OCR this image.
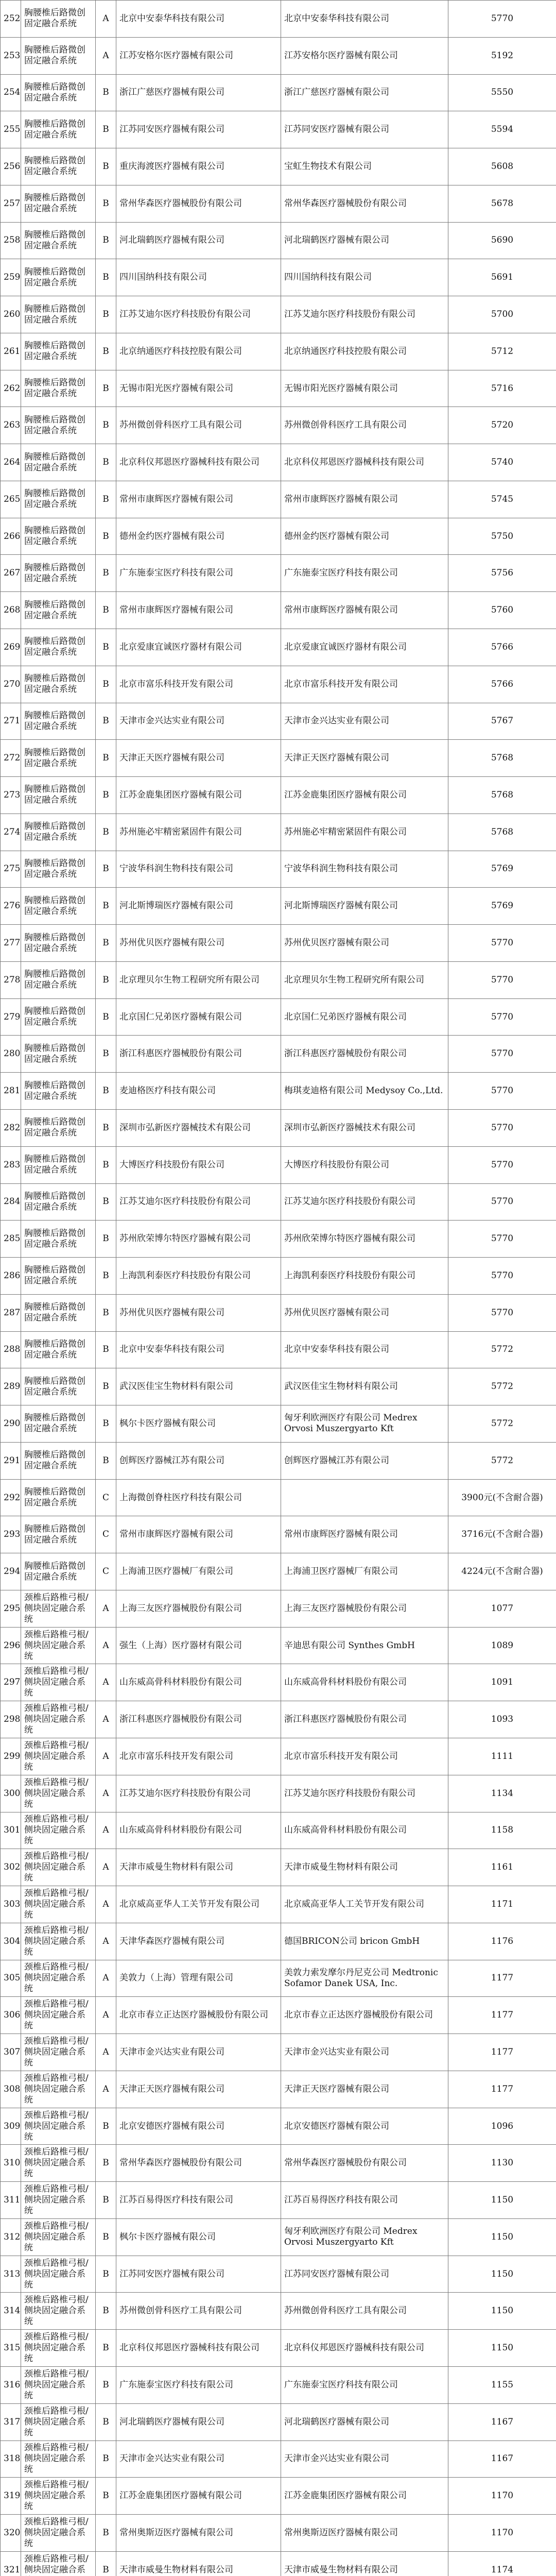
252	胸腰椎后路微创固定融合系统	A	北京中安泰华科技有限公司	北京中安泰华科技有限公司	5770
253	胸腰椎后路微创固定融合系统	A	江苏安格尔医疗器械有限公司	江苏安格尔医疗器械有限公司	5192
254	胸腰椎后路微创固定融合系统	B	浙江广慈医疗器械有限公司	浙江广慈医疗器械有限公司	5550
255	胸腰椎后路微创固定融合系统	B	江苏同安医疗器械有限公司	江苏同安医疗器械有限公司	5594
256	胸腰椎后路微创固定融合系统	B	重庆海渡医疗器械有限公司	宝虹生物技术有限公司	5608
257	胸腰椎后路微创固定融合系统	B	常州华森医疗器械股份有限公司	常州华森医疗器械股份有限公司	5678
258	胸腰椎后路微创固定融合系统	B	河北瑞鹤医疗器械有限公司	河北瑞鹤医疗器械有限公司	5690
259	胸腰椎后路微创固定融合系统	B	四川国纳科技有限公司	四川国纳科技有限公司	5691
260	胸腰椎后路微创固定融合系统	B	江苏艾迪尔医疗科技股份有限公司	江苏艾迪尔医疗科技股份有限公司	5700
261	胸腰椎后路微创固定融合系统	B	北京纳通医疗科技控股有限公司	北京纳通医疗科技控股有限公司	5712
262	胸腰椎后路微创固定融合系统	B	无锡市阳光医疗器械有限公司	无锡市阳光医疗器械有限公司	5716
263	胸腰椎后路微创固定融合系统	B	苏州微创骨科医疗工具有限公司	苏州微创骨科医疗工具有限公司	5720
264	胸腰椎后路微创固定融合系统	B	北京科仪邦恩医疗器械科技有限公司	北京科仪邦恩医疗器械科技有限公司	5740
265	胸腰椎后路微创固定融合系统	B	常州市康辉医疗器械有限公司	常州市康辉医疗器械有限公司	5745
266	胸腰椎后路微创固定融合系统	B	德州金约医疗器械有限公司	德州金约医疗器械有限公司	5750
267	胸腰椎后路微创固定融合系统	B	广东施泰宝医疗科技有限公司	广东施泰宝医疗科技有限公司	5756
268	胸腰椎后路微创固定融合系统	B	常州市康辉医疗器械有限公司	常州市康辉医疗器械有限公司	5760
269	胸腰椎后路微创固定融合系统	B	北京爱康宜诚医疗器材有限公司	北京爱康宜诚医疗器材有限公司	5766
270	胸腰椎后路微创固定融合系统	B	北京市富乐科技开发有限公司	北京市富乐科技开发有限公司	5766
271	胸腰椎后路微创固定融合系统	B	天津市金兴达实业有限公司	天津市金兴达实业有限公司	5767
272	胸腰椎后路微创固定融合系统	B	天津正天医疗器械有限公司	天津正天医疗器械有限公司	5768
273	胸腰椎后路微创固定融合系统	B	江苏金鹿集团医疗器械有限公司	江苏金鹿集团医疗器械有限公司	5768
274	胸腰椎后路微创固定融合系统	B	苏州施必牢精密紧固件有限公司	苏州施必牢精密紧固件有限公司	5768
275	胸腰椎后路微创固定融合系统	B	宁波华科润生物科技有限公司	宁波华科润生物科技有限公司	5769
276	胸腰椎后路微创固定融合系统	B	河北斯博瑞医疗器械有限公司	河北斯博瑞医疗器械有限公司	5769
277	胸腰椎后路微创固定融合系统	B	苏州优贝医疗器械有限公司	苏州优贝医疗器械有限公司	5770
278	胸腰椎后路微创固定融合系统	B	北京理贝尔生物工程研究所有限公司	北京理贝尔生物工程研究所有限公司	5770
279	胸腰椎后路微创固定融合系统	B	北京国仁兄弟医疗器械有限公司	北京国仁兄弟医疗器械有限公司	5770
280	胸腰椎后路微创固定融合系统	B	浙江科惠医疗器械股份有限公司	浙江科惠医疗器械股份有限公司	5770
281	胸腰椎后路微创固定融合系统	B	麦迪格医疗科技有限公司	梅琪麦迪格有限公司 Medysoy Co.,Ltd.	5770
282	胸腰椎后路微创固定融合系统	B	深圳市弘新医疗器械技术有限公司	深圳市弘新医疗器械技术有限公司	5770
283	胸腰椎后路微创固定融合系统	B	大博医疗科技股份有限公司	大博医疗科技股份有限公司	5770
284	胸腰椎后路微创固定融合系统	B	江苏艾迪尔医疗科技股份有限公司	江苏艾迪尔医疗科技股份有限公司	5770
285	胸腰椎后路微创固定融合系统	B	苏州欣荣博尔特医疗器械有限公司	苏州欣荣博尔特医疗器械有限公司	5770
286	胸腰椎后路微创固定融合系统	B	上海凯利泰医疗科技股份有限公司	上海凯利泰医疗科技股份有限公司	5770
287	胸腰椎后路微创固定融合系统	B	苏州优贝医疗器械有限公司	苏州优贝医疗器械有限公司	5770
288	胸腰椎后路微创固定融合系统	B	北京中安泰华科技有限公司	北京中安泰华科技有限公司	5772
289	胸腰椎后路微创固定融合系统	B	武汉医佳宝生物材料有限公司	武汉医佳宝生物材料有限公司	5772
290	胸腰椎后路微创固定融合系统	B	枫尔卡医疗器械有限公司	匈牙利欧洲医疗有限公司 Medrex Orvosi Muszergyarto Kft	5772
291	胸腰椎后路微创固定融合系统	B	创辉医疗器械江苏有限公司	创辉医疗器械江苏有限公司	5772
292	胸腰椎后路微创固定融合系统	C	上海微创脊柱医疗科技有限公司		3900元(不含耐合器)
293	胸腰椎后路微创固定融合系统	C	常州市康辉医疗器械有限公司	常州市康辉医疗器械有限公司	3716元(不含耐合器)
294	胸腰椎后路微创固定融合系统	C	上海浦卫医疗器械厂有限公司	上海浦卫医疗器械厂有限公司	4224元(不含耐合器)
295	颈椎后路椎弓根/侧块固定融合系统	A	上海三友医疗器械股份有限公司	上海三友医疗器械股份有限公司	1077
296	颈椎后路椎弓根/侧块固定融合系统	A	强生（上海）医疗器材有限公司	辛迪思有限公司 Synthes GmbH	1089
297	颈椎后路椎弓根/侧块固定融合系统	A	山东威高骨科材料股份有限公司	山东威高骨科材料股份有限公司	1091
298	颈椎后路椎弓根/侧块固定融合系统	A	浙江科惠医疗器械股份有限公司	浙江科惠医疗器械股份有限公司	1093
299	颈椎后路椎弓根/侧块固定融合系统	A	北京市富乐科技开发有限公司	北京市富乐科技开发有限公司	1111
300	颈椎后路椎弓根/侧块固定融合系统	A	江苏艾迪尔医疗科技股份有限公司	江苏艾迪尔医疗科技股份有限公司	1134
301	颈椎后路椎弓根/侧块固定融合系统	A	山东威高骨科材料股份有限公司	山东威高骨科材料股份有限公司	1158
302	颈椎后路椎弓根/侧块固定融合系统	A	天津市威曼生物材料有限公司	天津市威曼生物材料有限公司	1161
303	颈椎后路椎弓根/侧块固定融合系统	A	北京威高亚华人工关节开发有限公司	北京威高亚华人工关节开发有限公司	1171
304	颈椎后路椎弓根/侧块固定融合系统	A	天津华森医疗器械有限公司	德国BRICON公司 bricon GmbH	1176
305	颈椎后路椎弓根/侧块固定融合系统	A	美敦力（上海）管理有限公司	美敦力索发摩尔丹尼克公司 Medtronic Sofamor Danek USA, Inc.	1177
306	颈椎后路椎弓根/侧块固定融合系统	A	北京市春立正达医疗器械股份有限公司	北京市春立正达医疗器械股份有限公司	1177
307	颈椎后路椎弓根/侧块固定融合系统	A	天津市金兴达实业有限公司	天津市金兴达实业有限公司	1177
308	颈椎后路椎弓根/侧块固定融合系统	A	天津正天医疗器械有限公司	天津正天医疗器械有限公司	1177
309	颈椎后路椎弓根/侧块固定融合系统	B	北京安德医疗器械有限公司	北京安德医疗器械有限公司	1096
310	颈椎后路椎弓根/侧块固定融合系统	B	常州华森医疗器械股份有限公司	常州华森医疗器械股份有限公司	1130
311	颈椎后路椎弓根/侧块固定融合系统	B	江苏百易得医疗科技有限公司	江苏百易得医疗科技有限公司	1150
312	颈椎后路椎弓根/侧块固定融合系统	B	枫尔卡医疗器械有限公司	匈牙利欧洲医疗有限公司 Medrex Orvosi Muszergyarto Kft	1150
313	颈椎后路椎弓根/侧块固定融合系统	B	江苏同安医疗器械有限公司	江苏同安医疗器械有限公司	1150
314	颈椎后路椎弓根/侧块固定融合系统	B	苏州微创骨科医疗工具有限公司	苏州微创骨科医疗工具有限公司	1150
315	颈椎后路椎弓根/侧块固定融合系统	B	北京科仪邦恩医疗器械科技有限公司	北京科仪邦恩医疗器械科技有限公司	1150
316	颈椎后路椎弓根/侧块固定融合系统	B	广东施泰宝医疗科技有限公司	广东施泰宝医疗科技有限公司	1155
317	颈椎后路椎弓根/侧块固定融合系统	B	河北瑞鹤医疗器械有限公司	河北瑞鹤医疗器械有限公司	1167
318	颈椎后路椎弓根/侧块固定融合系统	B	天津市金兴达实业有限公司	天津市金兴达实业有限公司	1167
319	颈椎后路椎弓根/侧块固定融合系统	B	江苏金鹿集团医疗器械有限公司	江苏金鹿集团医疗器械有限公司	1170
320	颈椎后路椎弓根/侧块固定融合系统	B	常州奥斯迈医疗器械有限公司	常州奥斯迈医疗器械有限公司	1170
321	颈椎后路椎弓根/侧块固定融合系	B	天津市威曼生物材料有限公司	天津市威曼生物材料有限公司	1174
